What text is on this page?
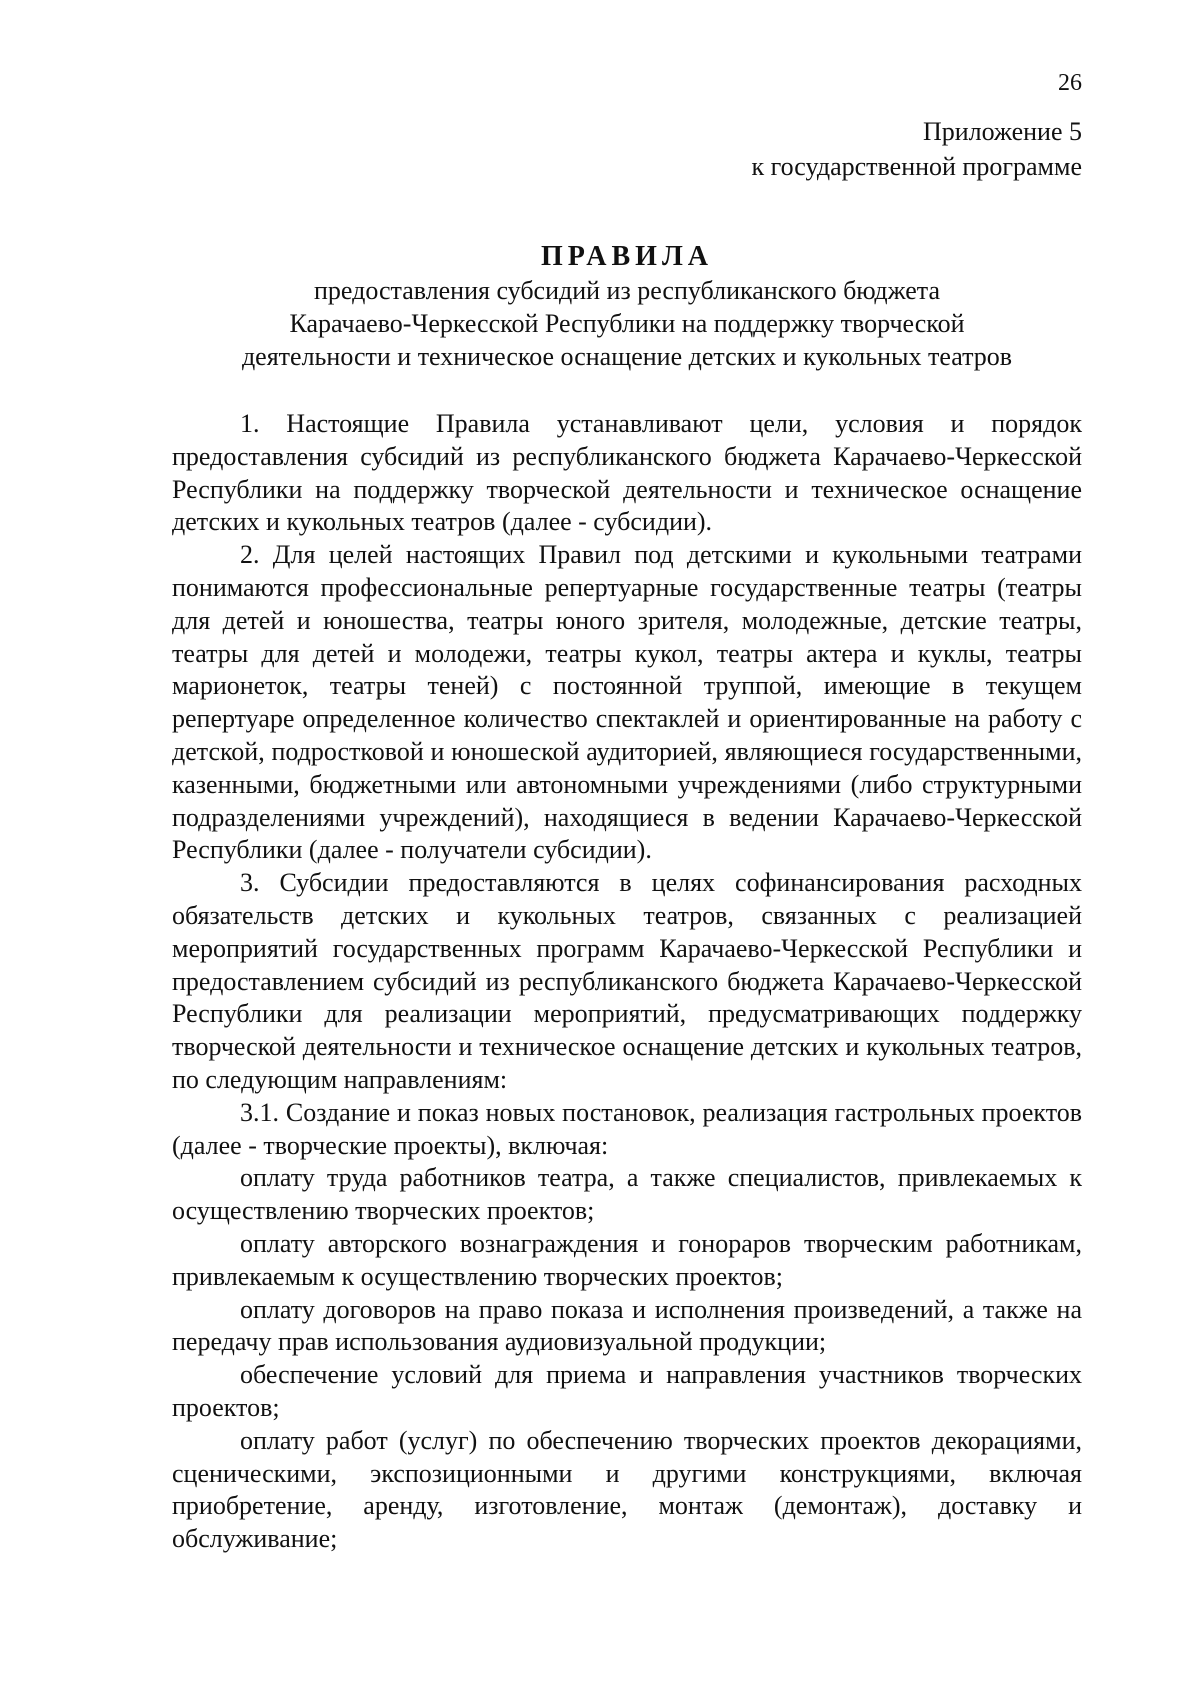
26
Приложение 5
к государственной программе
ПРАВИЛА
предоставления субсидий из республиканского бюджета
Карачаево-Черкесской Республики на поддержку творческой
деятельности и техническое оснащение детских и кукольных театров

1. Настоящие Правила устанавливают цели, условия и порядок предоставления субсидий из республиканского бюджета Карачаево-Черкесской Республики на поддержку творческой деятельности и техническое оснащение детских и кукольных театров (далее - субсидии).

2. Для целей настоящих Правил под детскими и кукольными театрами понимаются профессиональные репертуарные государственные театры (театры для детей и юношества, театры юного зрителя, молодежные, детские театры, театры для детей и молодежи, театры кукол, театры актера и куклы, театры марионеток, театры теней) с постоянной труппой, имеющие в текущем репертуаре определенное количество спектаклей и ориентированные на работу с детской, подростковой и юношеской аудиторией, являющиеся государственными, казенными, бюджетными или автономными учреждениями (либо структурными подразделениями учреждений), находящиеся в ведении Карачаево-Черкесской Республики (далее - получатели субсидии).

3. Субсидии предоставляются в целях софинансирования расходных обязательств детских и кукольных театров, связанных с реализацией мероприятий государственных программ Карачаево-Черкесской Республики и предоставлением субсидий из республиканского бюджета Карачаево-Черкесской Республики для реализации мероприятий, предусматривающих поддержку творческой деятельности и техническое оснащение детских и кукольных театров, по следующим направлениям:

3.1. Создание и показ новых постановок, реализация гастрольных проектов (далее - творческие проекты), включая:

оплату труда работников театра, а также специалистов, привлекаемых к осуществлению творческих проектов;

оплату авторского вознаграждения и гонораров творческим работникам, привлекаемым к осуществлению творческих проектов;

оплату договоров на право показа и исполнения произведений, а также на передачу прав использования аудиовизуальной продукции;

обеспечение условий для приема и направления участников творческих проектов;

оплату работ (услуг) по обеспечению творческих проектов декорациями, сценическими, экспозиционными и другими конструкциями, включая приобретение, аренду, изготовление, монтаж (демонтаж), доставку и обслуживание;
